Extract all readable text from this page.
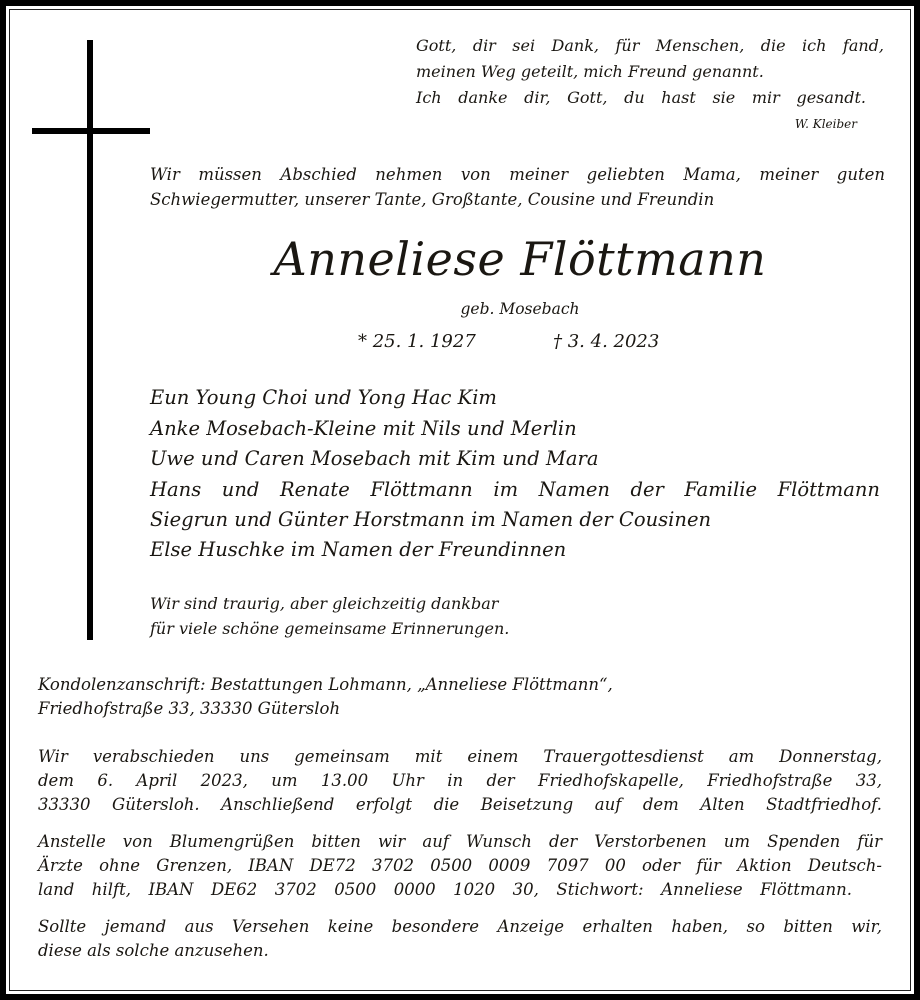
Gott, dir sei Dank, für Menschen, die ich fand,
meinen Weg geteilt, mich Freund genannt.
Ich danke dir, Gott, du hast sie mir gesandt.
W. Kleiber
Wir müssen Abschied nehmen von meiner geliebten Mama, meiner guten
Schwiegermutter, unserer Tante, Großtante, Cousine und Freundin
Anneliese Flöttmann
geb. Mosebach
* 25. 1. 1927	† 3. 4. 2023
Eun Young Choi und Yong Hac Kim
Anke Mosebach-Kleine mit Nils und Merlin
Uwe und Caren Mosebach mit Kim und Mara
Hans und Renate Flöttmann im Namen der Familie Flöttmann
Siegrun und Günter Horstmann im Namen der Cousinen
Else Huschke im Namen der Freundinnen
Wir sind traurig, aber gleichzeitig dankbar
für viele schöne gemeinsame Erinnerungen.
Kondolenzanschrift: Bestattungen Lohmann, „Anneliese Flöttmann“,
Friedhofstraße 33, 33330 Gütersloh
Wir verabschieden uns gemeinsam mit einem Trauergottesdienst am Donnerstag,
dem 6. April 2023, um 13.00 Uhr in der Friedhofskapelle, Friedhofstraße 33,
33330 Gütersloh. Anschließend erfolgt die Beisetzung auf dem Alten Stadtfriedhof.
Anstelle von Blumengrüßen bitten wir auf Wunsch der Verstorbenen um Spenden für
Ärzte ohne Grenzen, IBAN DE72 3702 0500 0009 7097 00 oder für Aktion Deutsch-
land hilft, IBAN DE62 3702 0500 0000 1020 30, Stichwort: Anneliese Flöttmann.
Sollte jemand aus Versehen keine besondere Anzeige erhalten haben, so bitten wir,
diese als solche anzusehen.
